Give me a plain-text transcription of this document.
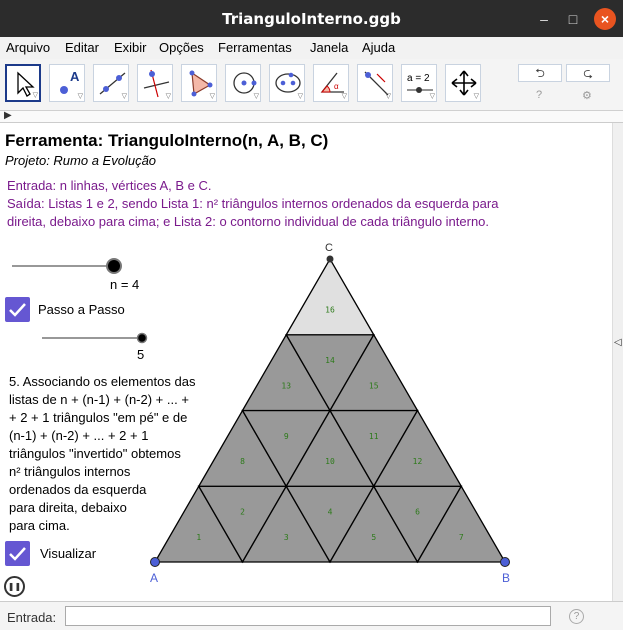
TrianguloInterno.ggb	–	□	×
Arquivo Editar Exibir Opções Ferramentas Janela Ajuda
▽
A
▽	▽	▽	▽	▽	▽
α
▽	▽
a = 2
▽	▽
⮌	⮎
?	⚙
▶
Ferramenta: TrianguloInterno(n, A, B, C)
Projeto: Rumo a Evolução
Entrada: n linhas, vértices A, B e C.
Saída: Listas 1 e 2, sendo Lista 1: n² triângulos internos ordenados da esquerda para
direita, debaixo para cima; e Lista 2: o contorno individual de cada triângulo interno.
n = 4
Passo a Passo
5
5. Associando os elementos das
listas de n + (n-1) + (n-2) + ... +
+ 2 + 1 triângulos "em pé" e de
(n-1) + (n-2) + ... + 2 + 1
triângulos "invertido" obtemos
n² triângulos internos
ordenados da esquerda
para direita, debaixo
para cima.
Visualizar
❚❚
1
2
3
4
5
6
7
8
9
10
11
12
13
14
15
16
A	B
C
◁
Entrada:	?
